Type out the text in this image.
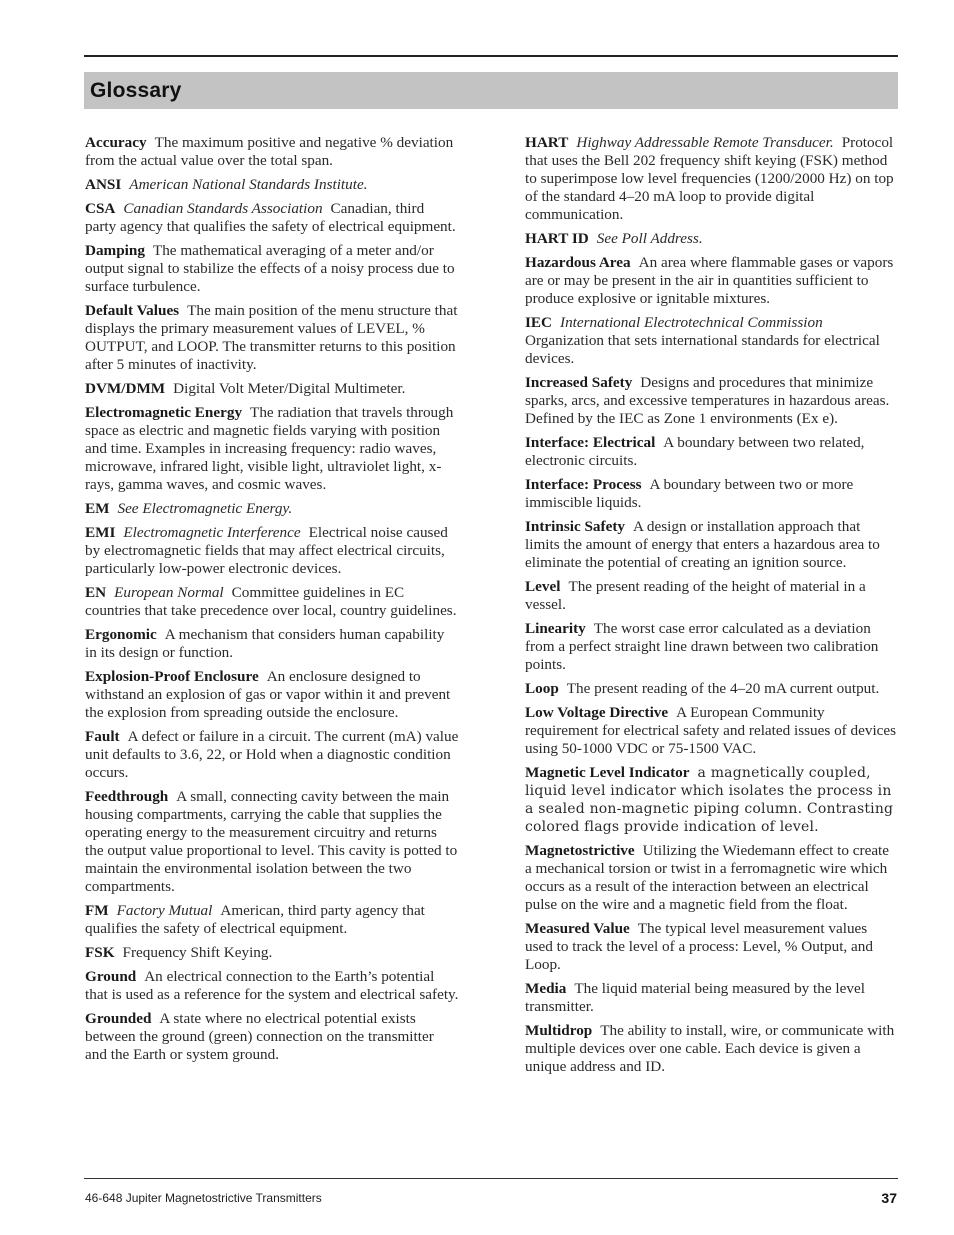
Glossary

Accuracy The maximum positive and negative % deviation from the actual value over the total span.

ANSI American National Standards Institute.

CSA Canadian Standards Association Canadian, third party agency that qualifies the safety of electrical equipment.

Damping The mathematical averaging of a meter and/or output signal to stabilize the effects of a noisy process due to surface turbulence.

Default Values The main position of the menu structure that displays the primary measurement values of LEVEL, % OUTPUT, and LOOP. The transmitter returns to this position after 5 minutes of inactivity.

DVM/DMM Digital Volt Meter/Digital Multimeter.

Electromagnetic Energy The radiation that travels through space as electric and magnetic fields varying with position and time. Examples in increasing frequency: radio waves, microwave, infrared light, visible light, ultraviolet light, x-rays, gamma waves, and cosmic waves.

EM See Electromagnetic Energy.

EMI Electromagnetic Interference Electrical noise caused by electromagnetic fields that may affect electrical circuits, particularly low-power electronic devices.

EN European Normal Committee guidelines in EC countries that take precedence over local, country guidelines.

Ergonomic A mechanism that considers human capability in its design or function.

Explosion-Proof Enclosure An enclosure designed to withstand an explosion of gas or vapor within it and prevent the explosion from spreading outside the enclosure.

Fault A defect or failure in a circuit. The current (mA) value unit defaults to 3.6, 22, or Hold when a diagnostic condition occurs.

Feedthrough A small, connecting cavity between the main housing compartments, carrying the cable that supplies the operating energy to the measurement circuitry and returns the output value proportional to level. This cavity is potted to maintain the environmental isolation between the two compartments.

FM Factory Mutual American, third party agency that qualifies the safety of electrical equipment.

FSK Frequency Shift Keying.

Ground An electrical connection to the Earth’s potential that is used as a reference for the system and electrical safety.

Grounded A state where no electrical potential exists between the ground (green) connection on the transmitter and the Earth or system ground.

HART Highway Addressable Remote Transducer. Protocol that uses the Bell 202 frequency shift keying (FSK) method to superimpose low level frequencies (1200/2000 Hz) on top of the standard 4–20 mA loop to provide digital communication.

HART ID See Poll Address.

Hazardous Area An area where flammable gases or vapors are or may be present in the air in quantities sufficient to produce explosive or ignitable mixtures.

IEC International Electrotechnical CommissionOrganization that sets international standards for electrical devices.

Increased Safety Designs and procedures that minimize sparks, arcs, and excessive temperatures in hazardous areas. Defined by the IEC as Zone 1 environments (Ex e).

Interface: Electrical A boundary between two related, electronic circuits.

Interface: Process A boundary between two or more immiscible liquids.

Intrinsic Safety A design or installation approach that limits the amount of energy that enters a hazardous area to eliminate the potential of creating an ignition source.

Level The present reading of the height of material in a vessel.

Linearity The worst case error calculated as a deviation from a perfect straight line drawn between two calibration points.

Loop The present reading of the 4–20 mA current output.

Low Voltage Directive A European Community requirement for electrical safety and related issues of devices using 50-1000 VDC or 75-1500 VAC.

Magnetic Level Indicator a magnetically coupled, liquid level indicator which isolates the process in a sealed non-magnetic piping column. Contrasting colored flags provide indication of level.

Magnetostrictive Utilizing the Wiedemann effect to create a mechanical torsion or twist in a ferromagnetic wire which occurs as a result of the interaction between an electrical pulse on the wire and a magnetic field from the float.

Measured Value The typical level measurement values used to track the level of a process: Level, % Output, and Loop.

Media The liquid material being measured by the level transmitter.

Multidrop The ability to install, wire, or communicate with multiple devices over one cable. Each device is given a unique address and ID.

46-648 Jupiter Magnetostrictive Transmitters	37
